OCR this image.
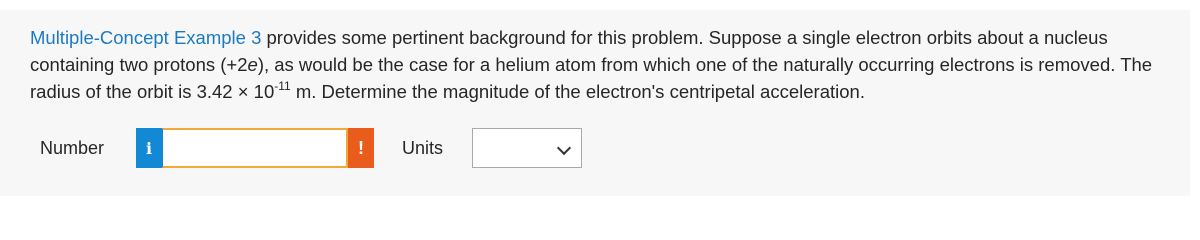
Multiple-Concept Example 3 provides some pertinent background for this problem. Suppose a single electron orbits about a nucleus containing two protons (+2e), as would be the case for a helium atom from which one of the naturally occurring electrons is removed. The radius of the orbit is $3.42 \times 10^{-11}$ m. Determine the magnitude of the electron's centripetal acceleration.
Number	i	!	Units
